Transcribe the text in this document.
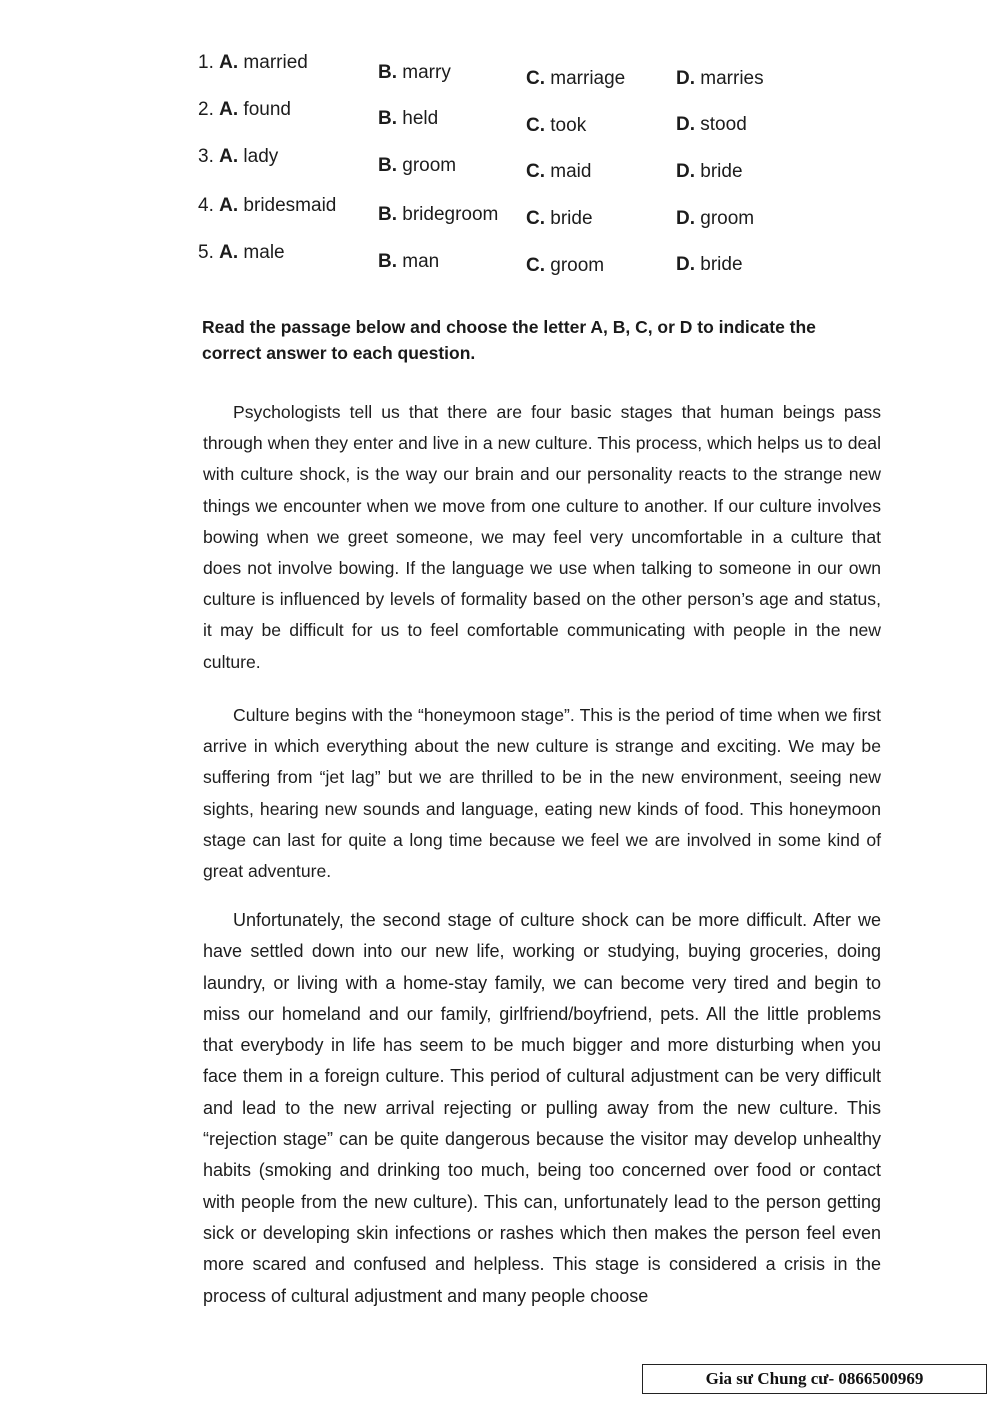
1. A. married	B. marry	C. marriage	D. marries
2. A. found	B. held	C. took	D. stood
3. A. lady	B. groom	C. maid	D. bride
4. A. bridesmaid B. bridegroom C. bride	D. groom
5. A. male	B. man	C. groom	D. bride
Read the passage below and choose the letter A, B, C, or D to indicate the correct answer to each question.

Psychologists tell us that there are four basic stages that human beings pass through when they enter and live in a new culture. This process, which helps us to deal with culture shock, is the way our brain and our personality reacts to the strange new things we encounter when we move from one culture to another. If our culture involves bowing when we greet someone, we may feel very uncomfortable in a culture that does not involve bowing. If the language we use when talking to someone in our own culture is influenced by levels of formality based on the other person’s age and status, it may be difficult for us to feel comfortable communicating with people in the new culture.

Culture begins with the “honeymoon stage”. This is the period of time when we first arrive in which everything about the new culture is strange and exciting. We may be suffering from “jet lag” but we are thrilled to be in the new environment, seeing new sights, hearing new sounds and language, eating new kinds of food. This honeymoon stage can last for quite a long time because we feel we are involved in some kind of great adventure.

Unfortunately, the second stage of culture shock can be more difficult. After we have settled down into our new life, working or studying, buying groceries, doing laundry, or living with a home-stay family, we can become very tired and begin to miss our homeland and our family, girlfriend/boyfriend, pets. All the little problems that everybody in life has seem to be much bigger and more disturbing when you face them in a foreign culture. This period of cultural adjustment can be very difficult and lead to the new arrival rejecting or pulling away from the new culture. This “rejection stage” can be quite dangerous because the visitor may develop unhealthy habits (smoking and drinking too much, being too concerned over food or contact with people from the new culture). This can, unfortunately lead to the person getting sick or developing skin infections or rashes which then makes the person feel even more scared and confused and helpless. This stage is considered a crisis in the process of cultural adjustment and many people choose

Gia sư Chung cư- 0866500969
